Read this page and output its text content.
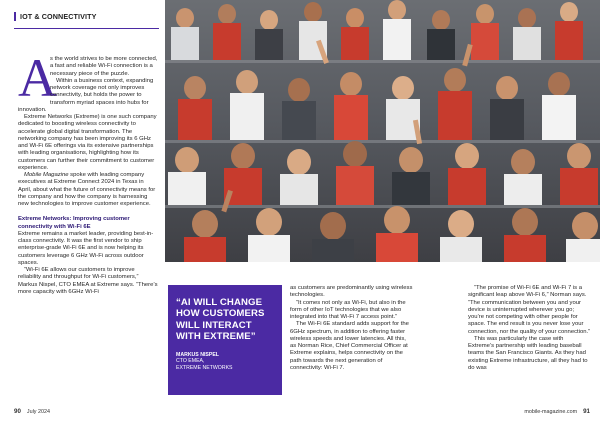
IOT & CONNECTIVITY
A

s the world strives to be more connected, a fast and reliable Wi-Fi connection is a necessary piece of the puzzle.

Within a business context, expanding network coverage not only improves connectivity, but holds the power to transform myriad spaces into hubs for innovation.

Extreme Networks (Extreme) is one such company dedicated to boosting wireless connectivity to accelerate global digital transformation. The networking company has been improving its 6 GHz and Wi-Fi 6E offerings via its extensive partnerships with leading organisations, highlighting how its customers can further their commitment to customer experience.

Mobile Magazine spoke with leading company executives at Extreme Connect 2024 in Texas in April, about what the future of connectivity means for the company and how the company is harnessing new technologies to improve customer experience.

Extreme Networks: Improving customer connectivity with Wi-Fi 6E

Extreme remains a market leader, providing best-in-class connectivity. It was the first vendor to ship enterprise-grade Wi-Fi 6E and is now helping its customers leverage 6 GHz Wi-Fi across outdoor spaces.

“Wi-Fi 6E allows our customers to improve reliability and throughput for Wi-Fi customers,” Markus Nispel, CTO EMEA at Extreme says. “There’s more capacity with 6GHz Wi-Fi

“AI WILL CHANGE HOW CUSTOMERS WILL INTERACT WITH EXTREME”
MARKUS NISPEL
CTO EMEA,
EXTREME NETWORKS

as customers are predominantly using wireless technologies.

“It comes not only as Wi-Fi, but also in the form of other IoT technologies that we also integrated into that Wi-Fi 7 access point.”

The Wi-Fi 6E standard adds support for the 6GHz spectrum, in addition to offering faster wireless speeds and lower latencies. All this, as Norman Rice, Chief Commercial Officer at Extreme explains, helps connectivity on the path towards the next generation of connectivity: Wi-Fi 7.

“The promise of Wi-Fi 6E and Wi-Fi 7 is a significant leap above Wi-Fi 6,” Norman says. “The communication between you and your device is uninterrupted wherever you go; you’re not competing with other people for space. The end result is you never lose your connection, nor the quality of your connection.”

This was particularly the case with Extreme’s partnership with leading baseball teams the San Francisco Giants. As they had existing Extreme infrastructure, all they had to do was

90 July 2024	mobile-magazine.com 91
